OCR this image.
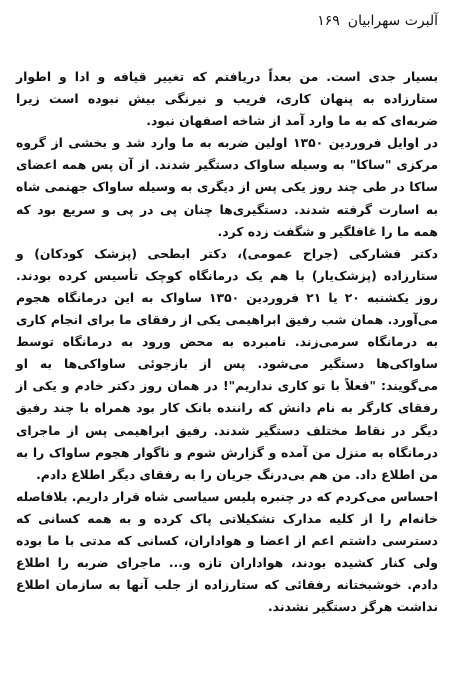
آلبرت سهرابیان
۱۶۹

بسیار جدی است. من بعداً دریافتم که تغییر قیافه و ادا و اطوار ستارزاده به پنهان کاری، فریب و نیرنگی بیش نبوده است زیرا ضربه‌ای که به ما وارد آمد از شاخه اصفهان نبود.

در اوایل فروردین ۱۳۵۰ اولین ضربه به ما وارد شد و بخشی از گروه مرکزی "ساکا" به وسیله ساواک دستگیر شدند. از آن پس همه اعضای ساکا در طی چند روز یکی پس از دیگری به وسیله ساواک جهنمی شاه به اسارت گرفته شدند. دستگیری‌ها چنان پی در پی و سریع بود که همه ما را غافلگیر و شگفت زده کرد.

دکتر فشارکی (جراح عمومی)، دکتر ابطحی (پزشک کودکان) و ستارزاده (پزشک‌یار) با هم یک درمانگاه کوچک تأسیس کرده بودند. روز یکشنبه ۲۰ یا ۲۱ فروردین ۱۳۵۰ ساواک به این درمانگاه هجوم می‌آورد. همان شب رفیق ابراهیمی یکی از رفقای ما برای انجام کاری به درمانگاه سرمی‌زند. نامبرده به محض ورود به درمانگاه توسط ساواکی‌ها دستگیر می‌شود. پس از بازجوئی ساواکی‌ها به او می‌گویند: "فعلاً با تو کاری نداریم"! در همان روز دکتر خادم و یکی از رفقای کارگر به نام دانش که راننده بانک کار بود همراه با چند رفیق دیگر در نقاط مختلف دستگیر شدند. رفیق ابراهیمی پس از ماجرای درمانگاه به منزل من آمده و گزارش شوم و ناگوار هجوم ساواک را به من اطلاع داد. من هم بی‌درنگ جریان را به رفقای دیگر اطلاع دادم.

احساس می‌کردم که در چنبره پلیس سیاسی شاه قرار داریم. بلافاصله خانه‌ام را از کلیه مدارک تشکیلاتی پاک کرده و به همه کسانی که دسترسی داشتم اعم از اعضا و هواداران، کسانی که مدتی با ما بوده ولی کنار کشیده بودند، هواداران تازه و... ماجرای ضربه را اطلاع دادم. خوشبختانه رفقائی که ستارزاده از جلب آنها به سازمان اطلاع نداشت هرگز دستگیر نشدند.
